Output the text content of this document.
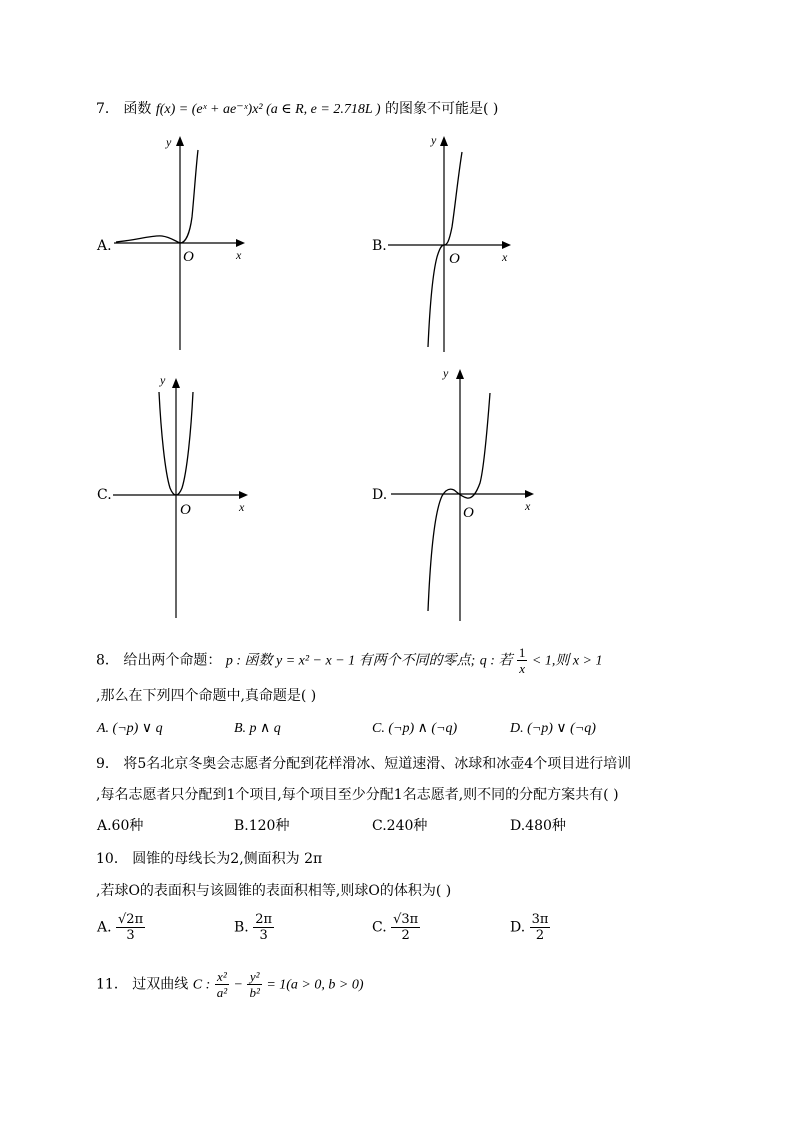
7． 函数 f(x) = (eˣ + ae⁻ˣ)x² (a ∈ R, e = 2.718L ) 的图象不可能是( )
A.
y
x
O
B.
y
x
O
C.
y
x
O
D.
y
x
O
8． 给出两个命题： p : 函数 y = x² − x − 1 有两个不同的零点; q : 若 $\frac{1}{x} < 1$,则 x > 1
,那么在下列四个命题中,真命题是( )
A. (¬p) ∨ q	B. p ∧ q	C. (¬p) ∧ (¬q)	D. (¬p) ∨ (¬q)
9． 将5名北京冬奥会志愿者分配到花样滑冰、短道速滑、冰球和冰壶4个项目进行培训
,每名志愿者只分配到1个项目,每个项目至少分配1名志愿者,则不同的分配方案共有( )
A.60种	B.120种	C.240种	D.480种
10． 圆锥的母线长为2,侧面积为 2π
,若球O的表面积与该圆锥的表面积相等,则球O的体积为( )
A. $\frac{√2\pi}{3}$	B. $\frac{2\pi}{3}$	C. $\frac{√3\pi}{2}$	D. $\frac{3\pi}{2}$
11． 过双曲线 C : $\frac{\text{x²}}{\text{a²}} - \frac{\text{y²}}{\text{b²}} = 1(a > 0$, b > 0)
